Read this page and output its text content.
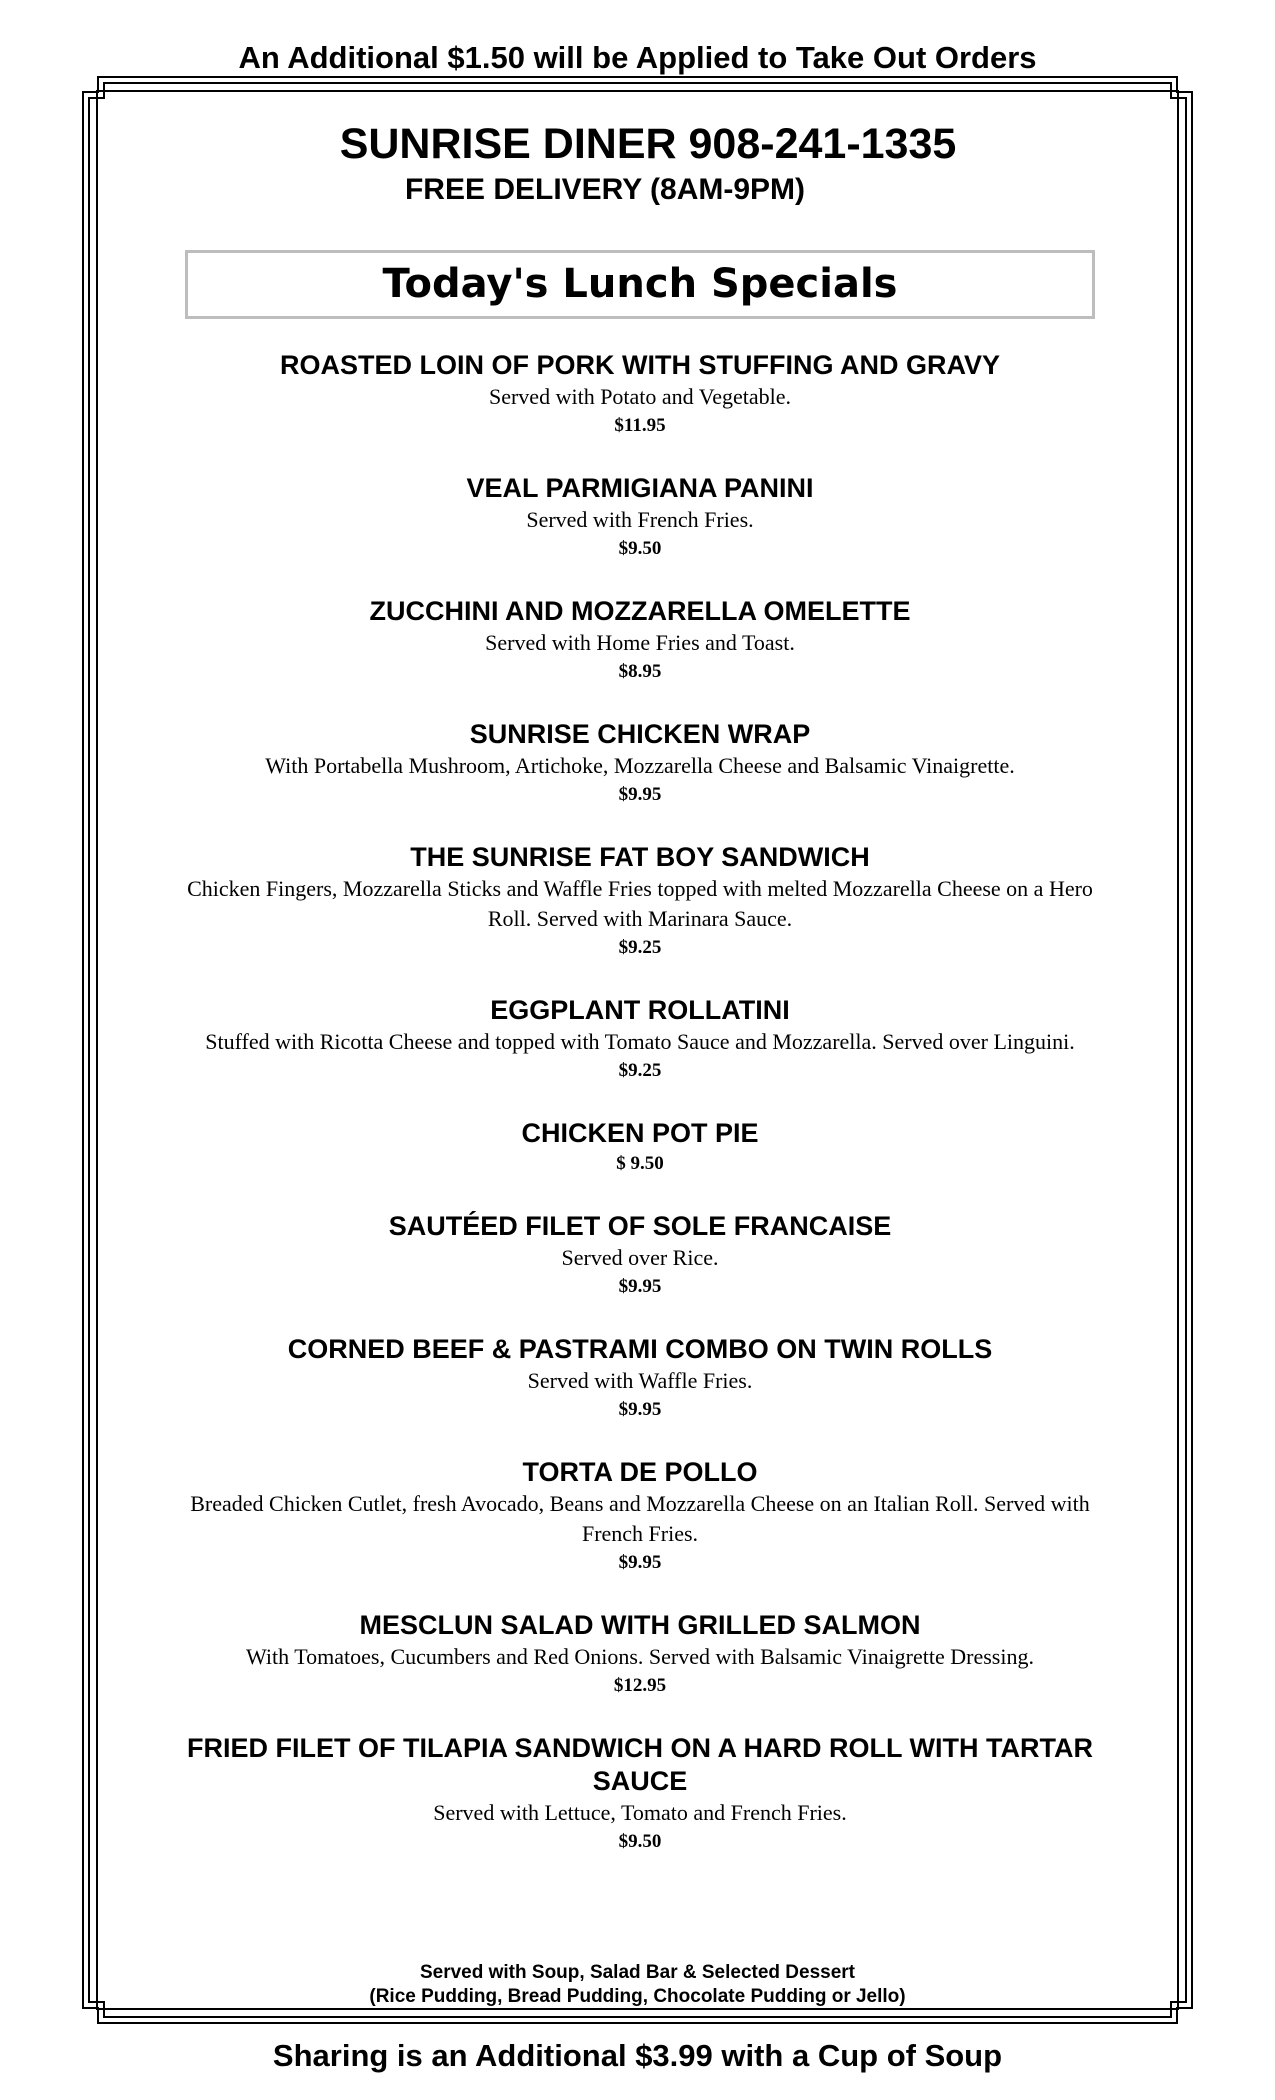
An Additional $1.50 will be Applied to Take Out Orders
SUNRISE DINER 908-241-1335
FREE DELIVERY (8AM-9PM)
Today's Lunch Specials
ROASTED LOIN OF PORK WITH STUFFING AND GRAVY
Served with Potato and Vegetable.
$11.95
VEAL PARMIGIANA PANINI
Served with French Fries.
$9.50
ZUCCHINI AND MOZZARELLA OMELETTE
Served with Home Fries and Toast.
$8.95
SUNRISE CHICKEN WRAP
With Portabella Mushroom, Artichoke, Mozzarella Cheese and Balsamic Vinaigrette.
$9.95
THE SUNRISE FAT BOY SANDWICH
Chicken Fingers, Mozzarella Sticks and Waffle Fries topped with melted Mozzarella Cheese on a Hero Roll. Served with Marinara Sauce.
$9.25
EGGPLANT ROLLATINI
Stuffed with Ricotta Cheese and topped with Tomato Sauce and Mozzarella. Served over Linguini.
$9.25
CHICKEN POT PIE
$ 9.50
SAUTÉED FILET OF SOLE FRANCAISE
Served over Rice.
$9.95
CORNED BEEF & PASTRAMI COMBO ON TWIN ROLLS
Served with Waffle Fries.
$9.95
TORTA DE POLLO
Breaded Chicken Cutlet, fresh Avocado, Beans and Mozzarella Cheese on an Italian Roll. Served with French Fries.
$9.95
MESCLUN SALAD WITH GRILLED SALMON
With Tomatoes, Cucumbers and Red Onions. Served with Balsamic Vinaigrette Dressing.
$12.95
FRIED FILET OF TILAPIA SANDWICH ON A HARD ROLL WITH TARTAR SAUCE
Served with Lettuce, Tomato and French Fries.
$9.50
Served with Soup, Salad Bar & Selected Dessert
(Rice Pudding, Bread Pudding, Chocolate Pudding or Jello)
Sharing is an Additional $3.99 with a Cup of Soup
